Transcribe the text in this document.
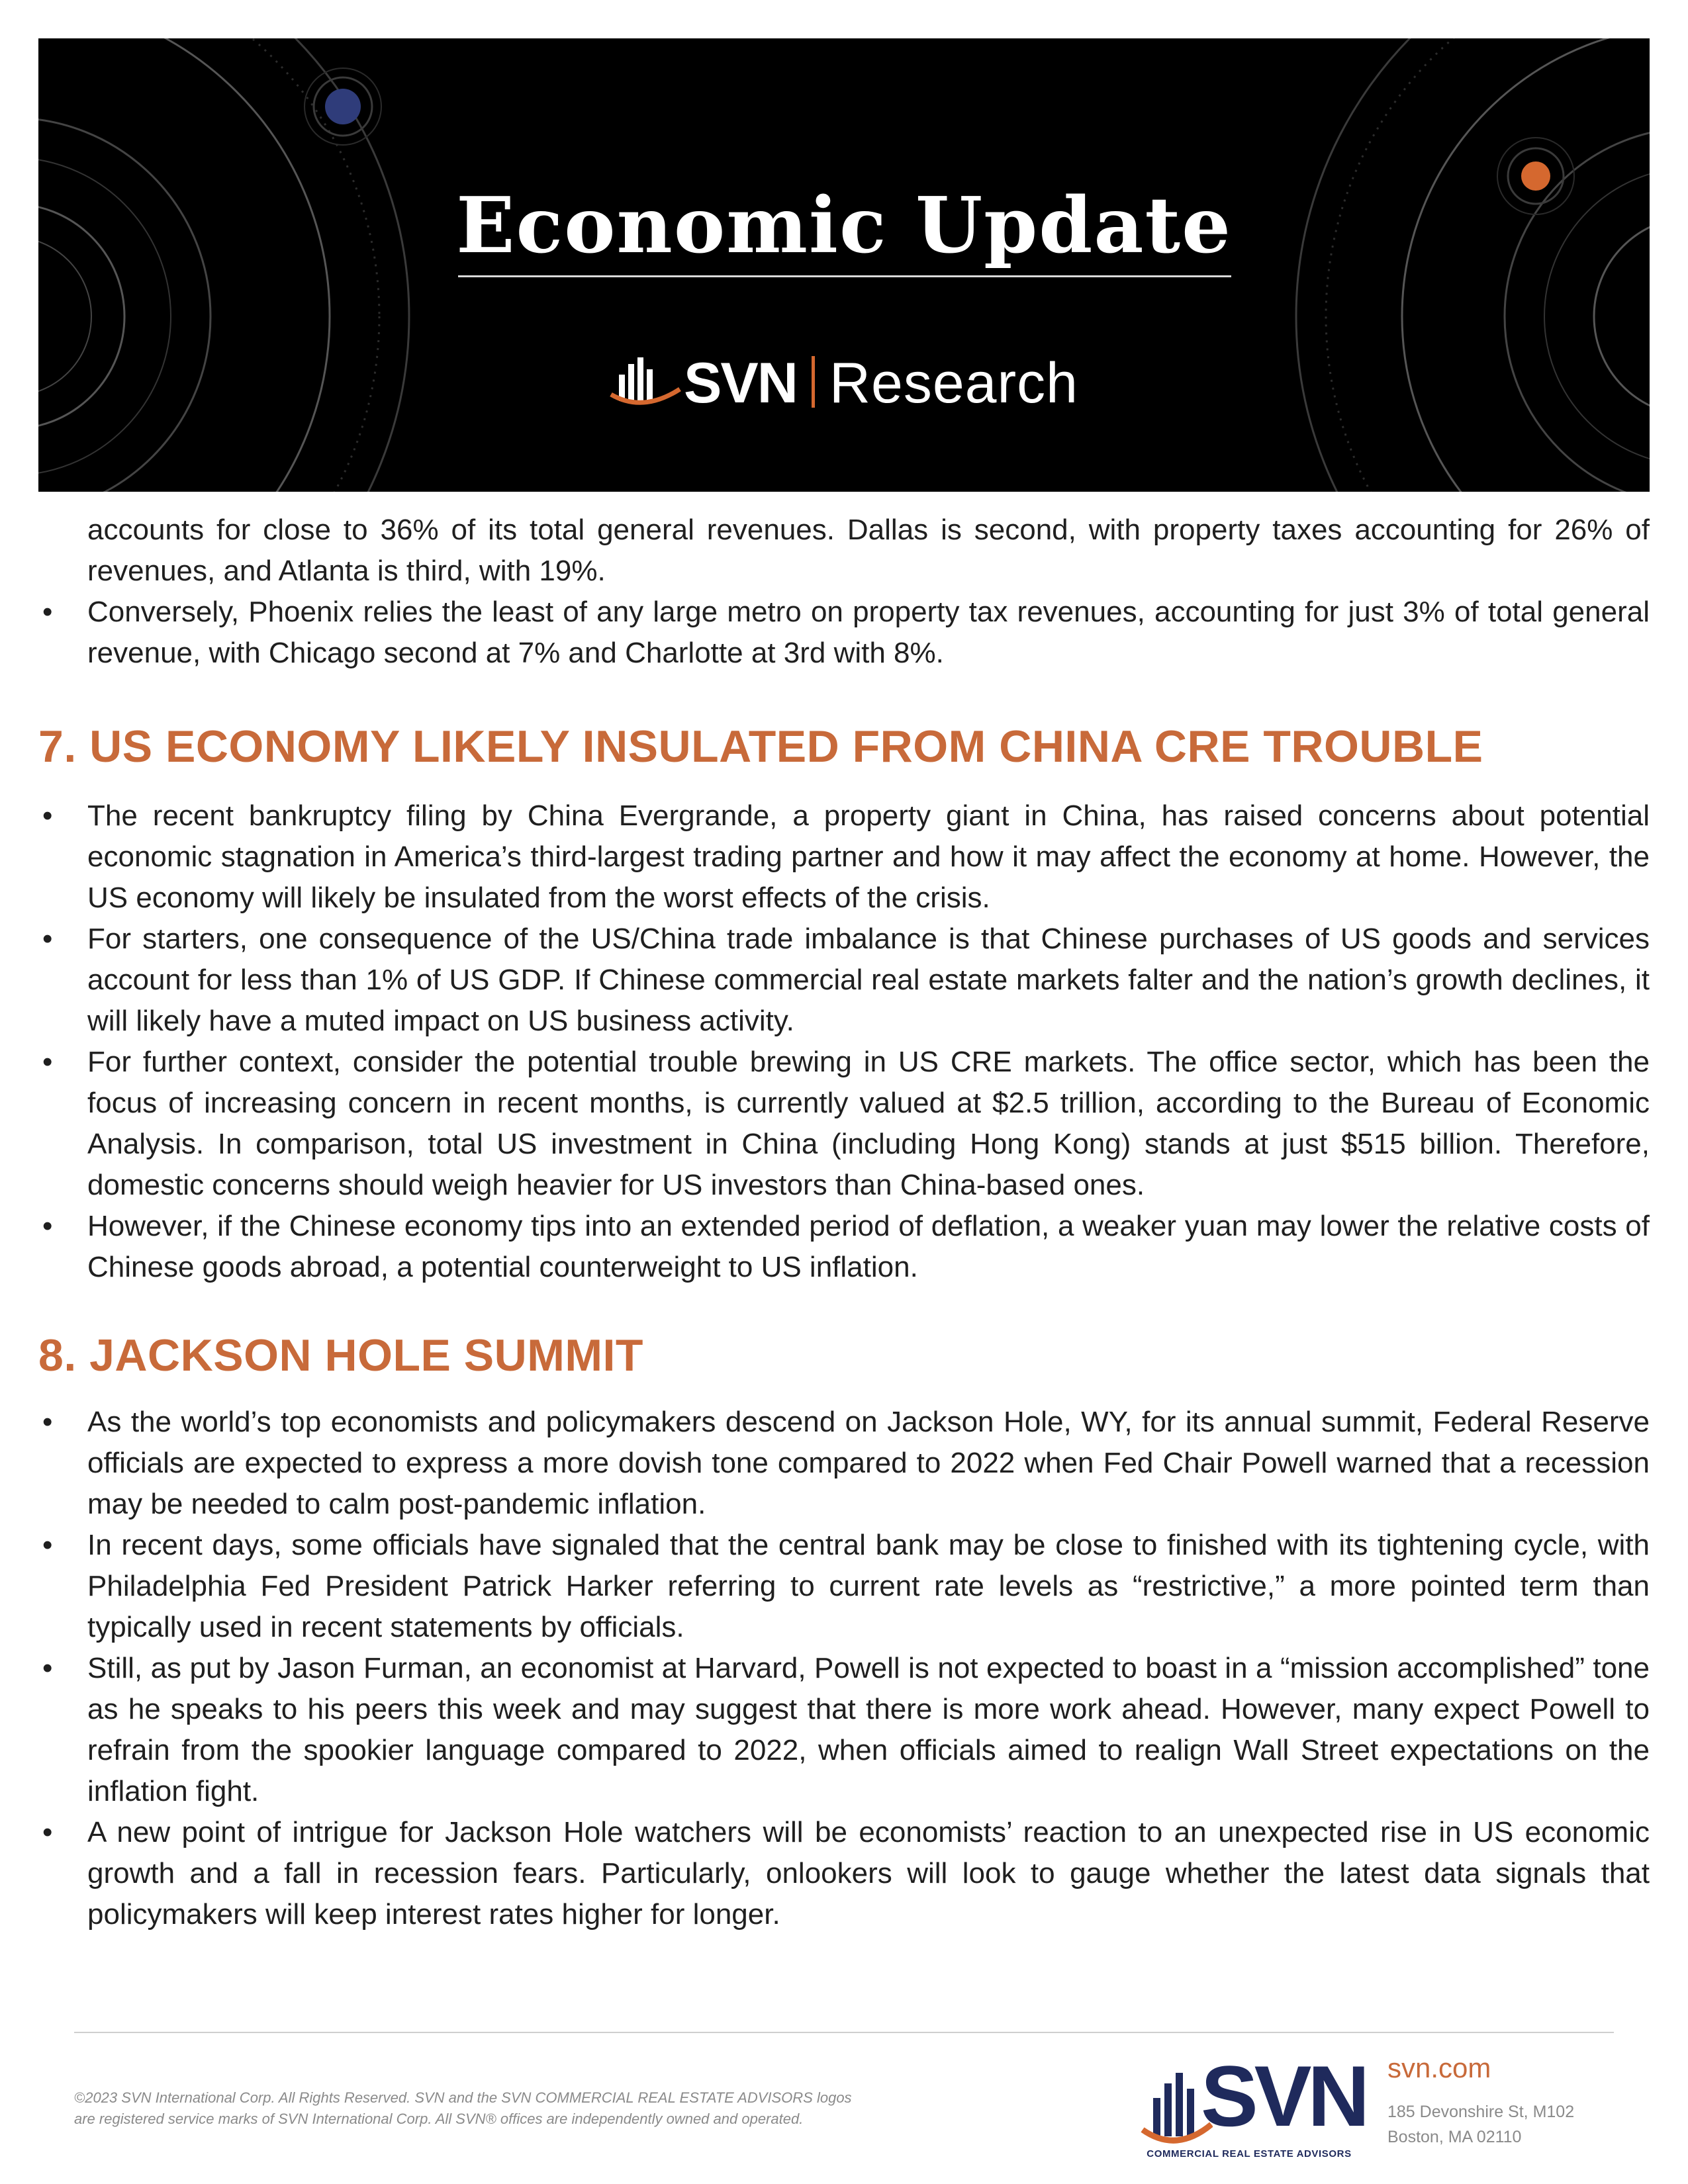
Economic Update
SVN Research

accounts for close to 36% of its total general revenues. Dallas is second, with property taxes accounting for 26% of revenues, and Atlanta is third, with 19%.

• Conversely, Phoenix relies the least of any large metro on property tax revenues, accounting for just 3% of total general revenue, with Chicago second at 7% and Charlotte at 3rd with 8%.
7. US ECONOMY LIKELY INSULATED FROM CHINA CRE TROUBLE
• The recent bankruptcy filing by China Evergrande, a property giant in China, has raised concerns about potential economic stagnation in America’s third-largest trading partner and how it may affect the economy at home. However, the US economy will likely be insulated from the worst effects of the crisis.
• For starters, one consequence of the US/China trade imbalance is that Chinese purchases of US goods and services account for less than 1% of US GDP. If Chinese commercial real estate markets falter and the nation’s growth declines, it will likely have a muted impact on US business activity.
• For further context, consider the potential trouble brewing in US CRE markets. The office sector, which has been the focus of increasing concern in recent months, is currently valued at $2.5 trillion, according to the Bureau of Economic Analysis. In comparison, total US investment in China (including Hong Kong) stands at just $515 billion. Therefore, domestic concerns should weigh heavier for US investors than China-based ones.
• However, if the Chinese economy tips into an extended period of deflation, a weaker yuan may lower the relative costs of Chinese goods abroad, a potential counterweight to US inflation.
8. JACKSON HOLE SUMMIT
• As the world’s top economists and policymakers descend on Jackson Hole, WY, for its annual summit, Federal Reserve officials are expected to express a more dovish tone compared to 2022 when Fed Chair Powell warned that a recession may be needed to calm post-pandemic inflation.
• In recent days, some officials have signaled that the central bank may be close to finished with its tightening cycle, with Philadelphia Fed President Patrick Harker referring to current rate levels as “restrictive,” a more pointed term than typically used in recent statements by officials.
• Still, as put by Jason Furman, an economist at Harvard, Powell is not expected to boast in a “mission accomplished” tone as he speaks to his peers this week and may suggest that there is more work ahead. However, many expect Powell to refrain from the spookier language compared to 2022, when officials aimed to realign Wall Street expectations on the inflation fight.
• A new point of intrigue for Jackson Hole watchers will be economists’ reaction to an unexpected rise in US economic growth and a fall in recession fears. Particularly, onlookers will look to gauge whether the latest data signals that policymakers will keep interest rates higher for longer.
©2023 SVN International Corp. All Rights Reserved. SVN and the SVN COMMERCIAL REAL ESTATE ADVISORS logos
are registered service marks of SVN International Corp. All SVN® offices are independently owned and operated.	SVN
COMMERCIAL REAL ESTATE ADVISORS
svn.com
185 Devonshire St, M102
Boston, MA 02110
